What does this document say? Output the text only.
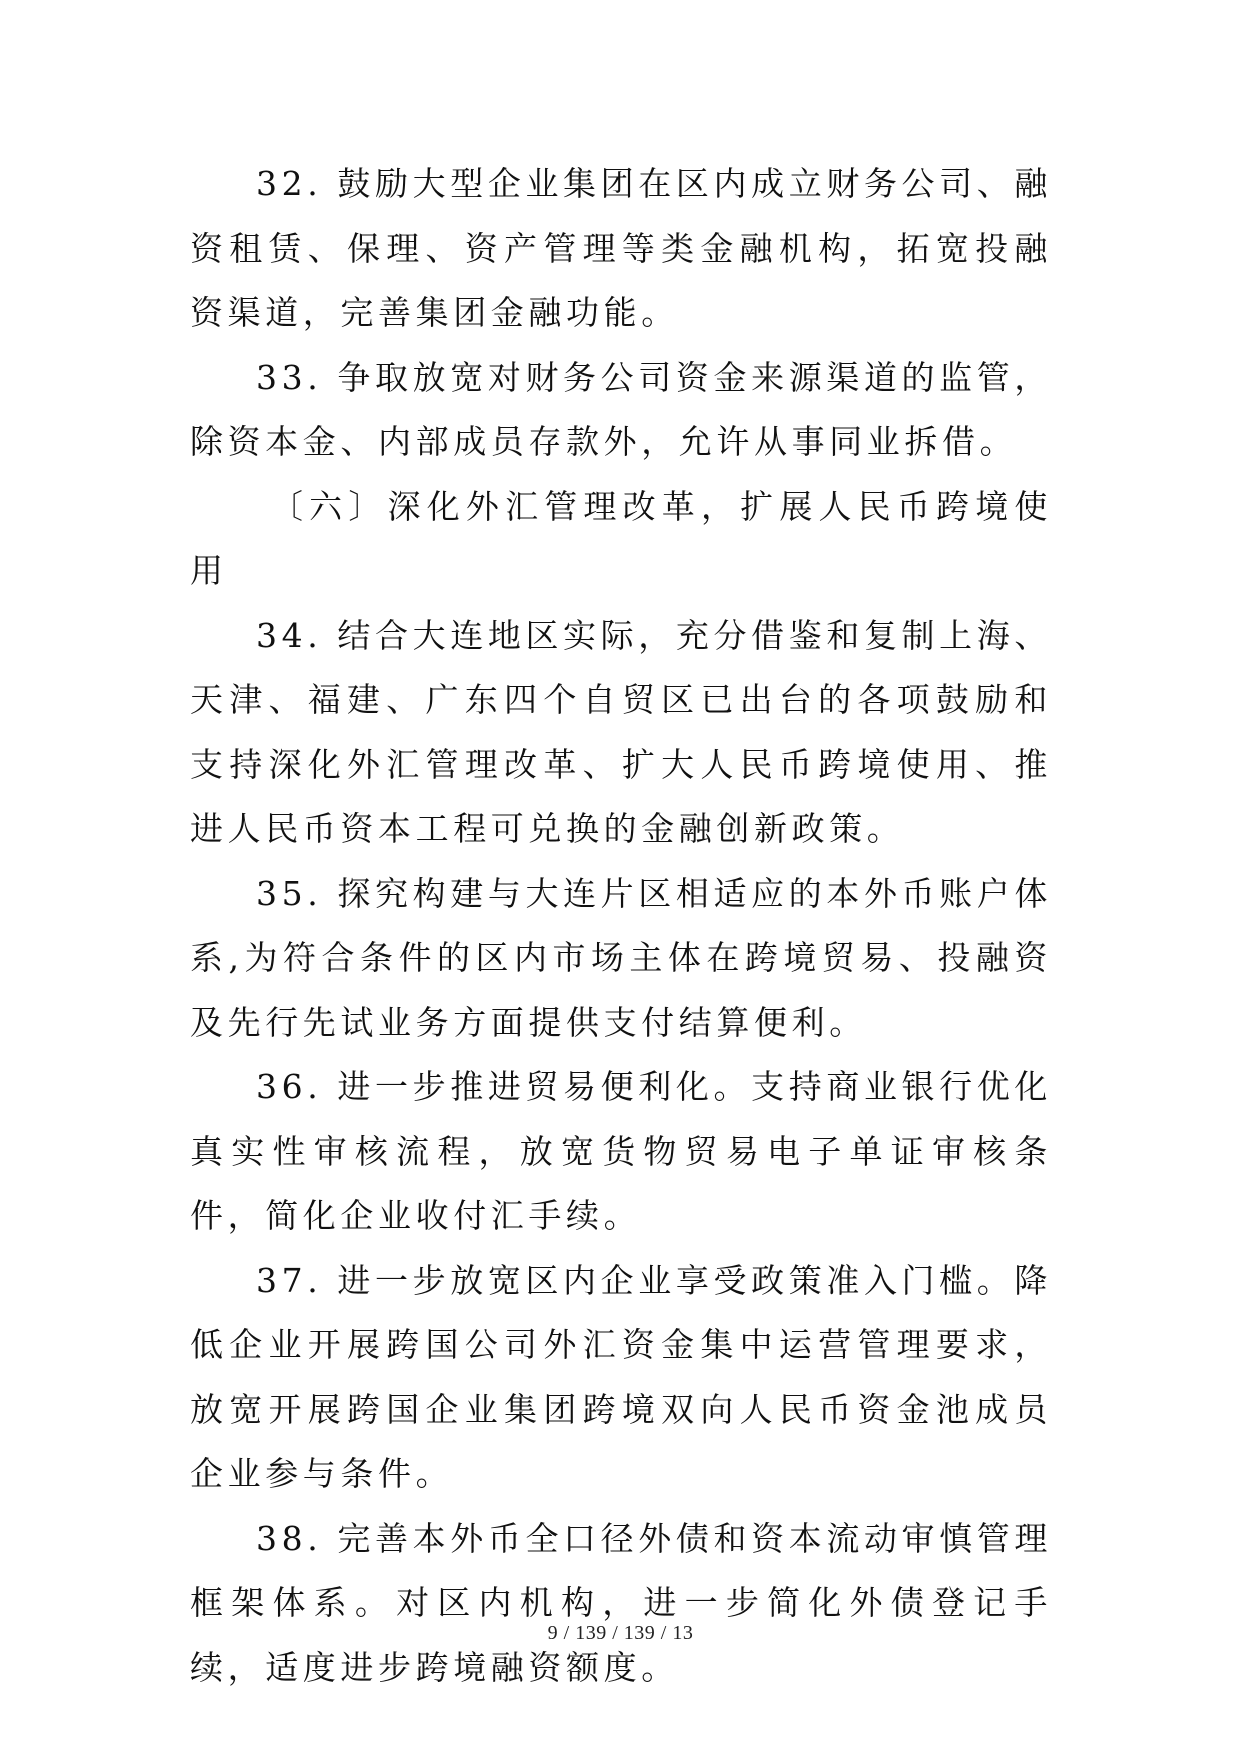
32. 鼓励大型企业集团在区内成立财务公司、融资租赁、保理、资产管理等类金融机构，拓宽投融资渠道，完善集团金融功能。

33. 争取放宽对财务公司资金来源渠道的监管，除资本金、内部成员存款外，允许从事同业拆借。

〔六〕深化外汇管理改革，扩展人民币跨境使用

34. 结合大连地区实际，充分借鉴和复制上海、天津、福建、广东四个自贸区已出台的各项鼓励和支持深化外汇管理改革、扩大人民币跨境使用、推进人民币资本工程可兑换的金融创新政策。

35. 探究构建与大连片区相适应的本外币账户体系,为符合条件的区内市场主体在跨境贸易、投融资及先行先试业务方面提供支付结算便利。

36. 进一步推进贸易便利化。支持商业银行优化真实性审核流程，放宽货物贸易电子单证审核条件，简化企业收付汇手续。

37. 进一步放宽区内企业享受政策准入门槛。降低企业开展跨国公司外汇资金集中运营管理要求，放宽开展跨国企业集团跨境双向人民币资金池成员企业参与条件。

38. 完善本外币全口径外债和资本流动审慎管理框架体系。对区内机构，进一步简化外债登记手续，适度进步跨境融资额度。

9 / 139 / 139 / 13
